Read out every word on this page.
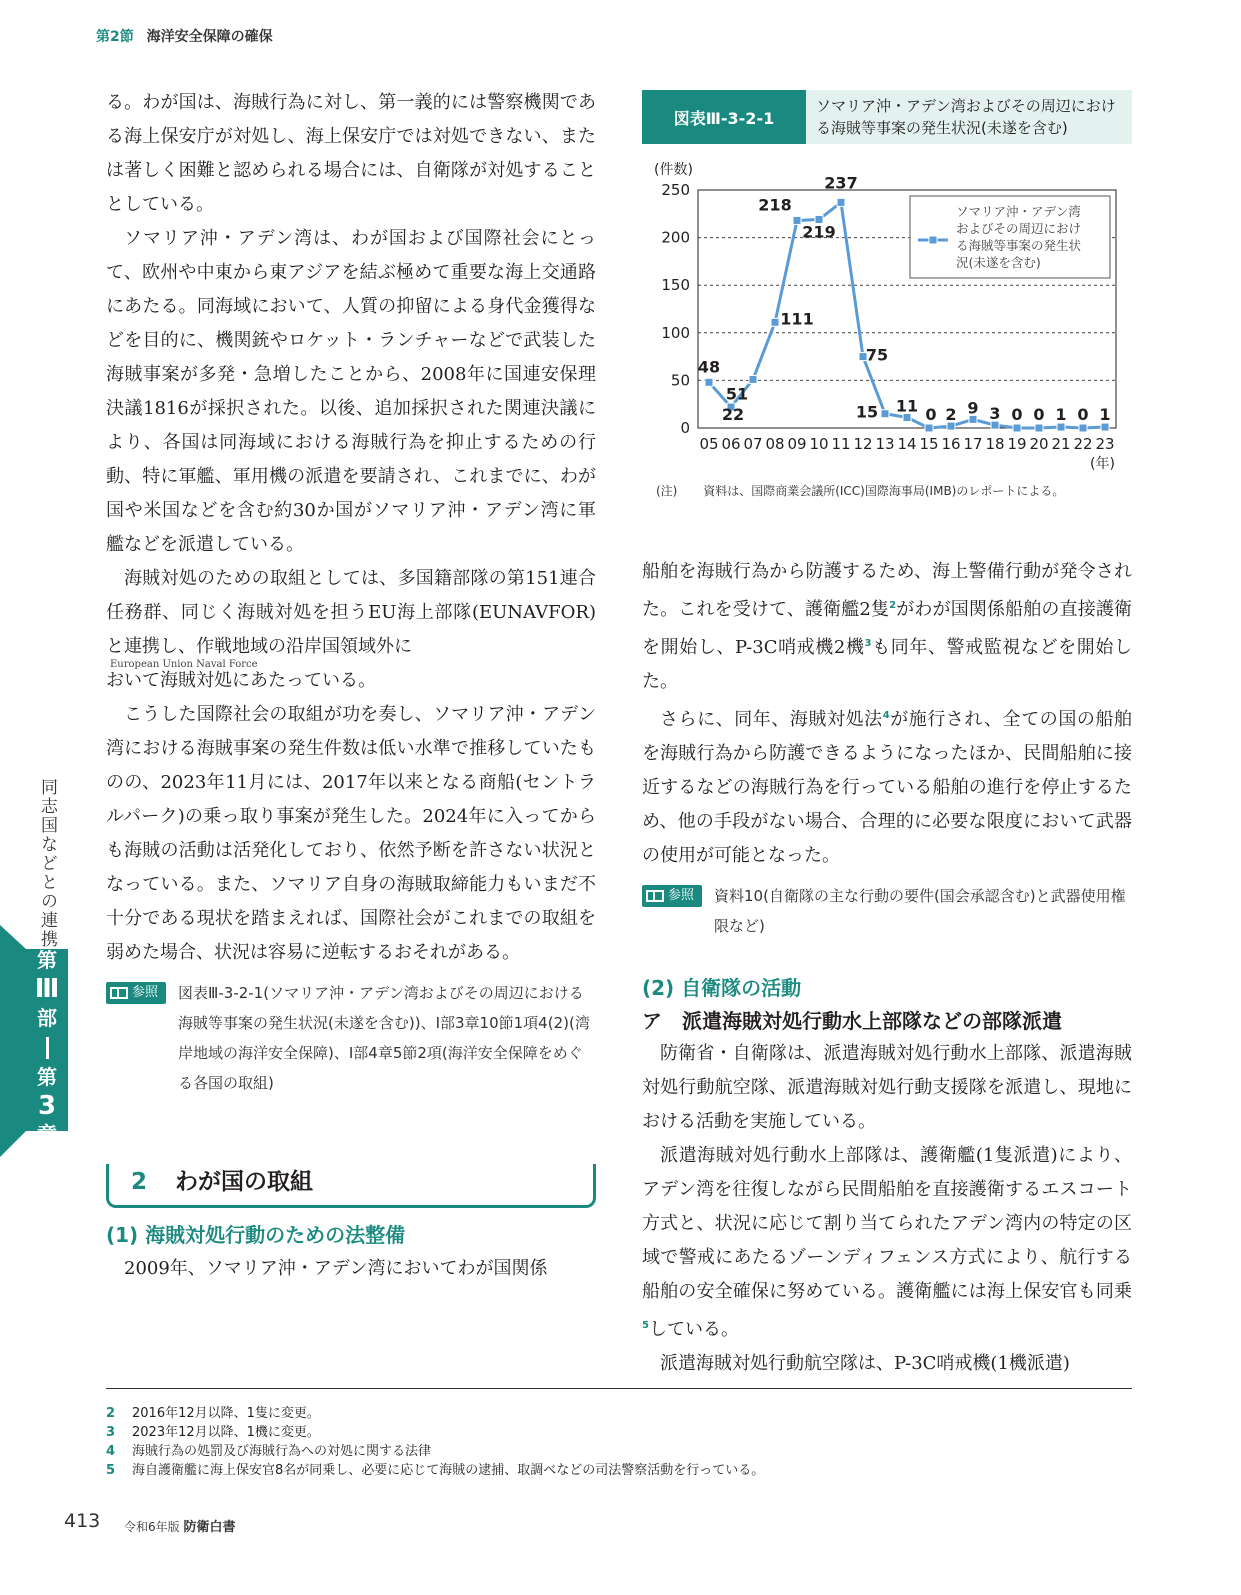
第2節 海洋安全保障の確保
同志国などとの連携
第
Ⅲ
部
第
3
章

る。わが国は、海賊行為に対し、第一義的には警察機関である海上保安庁が対処し、海上保安庁では対処できない、または著しく困難と認められる場合には、自衛隊が対処することとしている。

ソマリア沖・アデン湾は、わが国および国際社会にとって、欧州や中東から東アジアを結ぶ極めて重要な海上交通路にあたる。同海域において、人質の抑留による身代金獲得などを目的に、機関銃やロケット・ランチャーなどで武装した海賊事案が多発・急増したことから、2008年に国連安保理決議1816が採択された。以後、追加採択された関連決議により、各国は同海域における海賊行為を抑止するための行動、特に軍艦、軍用機の派遣を要請され、これまでに、わが国や米国などを含む約30か国がソマリア沖・アデン湾に軍艦などを派遣している。

海賊対処のための取組としては、多国籍部隊の第151連合任務群、同じく海賊対処を担うEU海上部隊(EUNAVFOR)と連携し、作戦地域の沿岸国領域外に

European Union Naval Force

おいて海賊対処にあたっている。

こうした国際社会の取組が功を奏し、ソマリア沖・アデン湾における海賊事案の発生件数は低い水準で推移していたものの、2023年11月には、2017年以来となる商船(セントラルパーク)の乗っ取り事案が発生した。2024年に入ってからも海賊の活動は活発化しており、依然予断を許さない状況となっている。また、ソマリア自身の海賊取締能力もいまだ不十分である現状を踏まえれば、国際社会がこれまでの取組を弱めた場合、状況は容易に逆転するおそれがある。

参照 図表Ⅲ-3-2-1(ソマリア沖・アデン湾およびその周辺における海賊等事案の発生状況(未遂を含む))、Ⅰ部3章10節1項4(2)(湾岸地域の海洋安全保障)、Ⅰ部4章5節2項(海洋安全保障をめぐる各国の取組)
2 わが国の取組
(1) 海賊対処行動のための法整備

2009年、ソマリア沖・アデン湾においてわが国関係

図表Ⅲ-3-2-1
ソマリア沖・アデン湾およびその周辺における海賊等事案の発生状況(未遂を含む)
(件数)
(年)
0
50
100
150
200
250
05 06 07 08 09 10 11 12 13 14 15 16 17 18 19 20 21 22 23
48
22
51
111
218
219
237
75
15 11 0 2 9 3 0 0 1 0 1
ソマリア沖・アデン湾
およびその周辺におけ
る海賊等事案の発生状
況(未遂を含む)
(注) 資料は、国際商業会議所(ICC)国際海事局(IMB)のレポートによる。

船舶を海賊行為から防護するため、海上警備行動が発令された。これを受けて、護衛艦2隻$^2$がわが国関係船舶の直接護衛を開始し、P-3C哨戒機2機$^3$も同年、警戒監視などを開始した。

さらに、同年、海賊対処法$^4$が施行され、全ての国の船舶を海賊行為から防護できるようになったほか、民間船舶に接近するなどの海賊行為を行っている船舶の進行を停止するため、他の手段がない場合、合理的に必要な限度において武器の使用が可能となった。

参照 資料10(自衛隊の主な行動の要件(国会承認含む)と武器使用権限など)
(2) 自衛隊の活動
ア　派遣海賊対処行動水上部隊などの部隊派遣

防衛省・自衛隊は、派遣海賊対処行動水上部隊、派遣海賊対処行動航空隊、派遣海賊対処行動支援隊を派遣し、現地における活動を実施している。

派遣海賊対処行動水上部隊は、護衛艦(1隻派遣)により、アデン湾を往復しながら民間船舶を直接護衛するエスコート方式と、状況に応じて割り当てられたアデン湾内の特定の区域で警戒にあたるゾーンディフェンス方式により、航行する船舶の安全確保に努めている。護衛艦には海上保安官も同乗$^5$している。

派遣海賊対処行動航空隊は、P-3C哨戒機(1機派遣)

2	2016年12月以降、1隻に変更。
3	2023年12月以降、1機に変更。
4	海賊行為の処罰及び海賊行為への対処に関する法律
5	海自護衛艦に海上保安官8名が同乗し、必要に応じて海賊の逮捕、取調べなどの司法警察活動を行っている。
413 令和6年版 防衛白書
